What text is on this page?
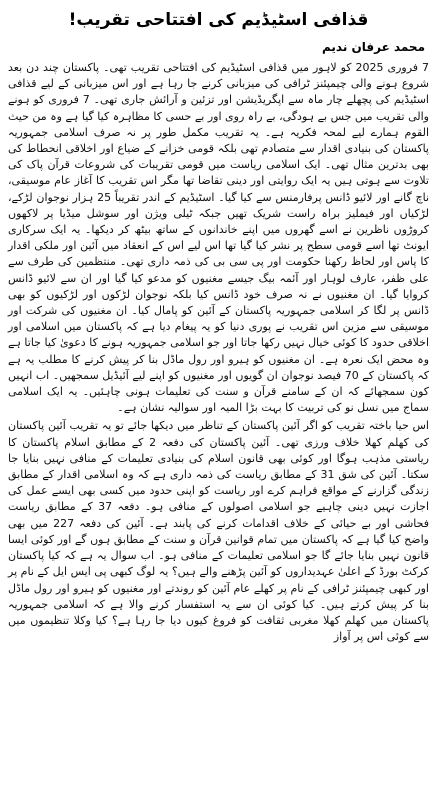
قذافی اسٹیڈیم کی افتتاحی تقریب!
محمد عرفان ندیم

7 فروری 2025 کو لاہور میں قذافی اسٹیڈیم کی افتتاحی تقریب تھی۔ پاکستان چند دن بعد شروع ہونے والی چیمپئنز ٹرافی کی میزبانی کرنے جا رہا ہے اور اس میزبانی کے لیے قذافی اسٹیڈیم کی پچھلے چار ماہ سے اپگریڈیشن اور تزئین و آرائش جاری تھی۔ 7 فروری کو ہونے والی تقریب میں جس بے ہودگی، بے راہ روی اور بے حسی کا مظاہرہ کیا گیا ہے وہ من حیث القوم ہمارے لیے لمحہ فکریہ ہے۔ یہ تقریب مکمل طور پر نہ صرف اسلامی جمہوریہ پاکستان کی بنیادی اقدار سے متصادم تھی بلکہ قومی خزانے کے ضیاع اور اخلاقی انحطاط کی بھی بدترین مثال تھی۔ ایک اسلامی ریاست میں قومی تقریبات کی شروعات قرآن پاک کی تلاوت سے ہوتی ہیں یہ ایک روایتی اور دینی تقاضا تھا مگر اس تقریب کا آغاز عام موسیقی، ناچ گانے اور لائیو ڈانس پرفارمنس سے کیا گیا۔ اسٹیڈیم کے اندر تقریباً 25 ہزار نوجوان لڑکے، لڑکیاں اور فیملیز براہ راست شریک تھیں جبکہ ٹیلی ویژن اور سوشل میڈیا پر لاکھوں کروڑوں ناظرین نے اسے گھروں میں اپنے خاندانوں کے ساتھ بیٹھ کر دیکھا۔ یہ ایک سرکاری ایونٹ تھا اسے قومی سطح پر نشر کیا گیا تھا اس لیے اس کے انعقاد میں آئین اور ملکی اقدار کا پاس اور لحاظ رکھنا حکومت اور پی سی بی کی ذمہ داری تھی۔ منتظمین کی طرف سے علی ظفر، عارف لوہار اور آئمہ بیگ جیسے مغنیوں کو مدعو کیا گیا اور ان سے لائیو ڈانس کروایا گیا۔ ان مغنیوں نے نہ صرف خود ڈانس کیا بلکہ نوجوان لڑکوں اور لڑکیوں کو بھی ڈانس پر لگا کر اسلامی جمہوریہ پاکستان کے آئین کو پامال کیا۔ ان مغنیوں کی شرکت اور موسیقی سے مزین اس تقریب نے پوری دنیا کو یہ پیغام دیا ہے کہ پاکستان میں اسلامی اور اخلاقی حدود کا کوئی خیال نہیں رکھا جاتا اور جو اسلامی جمہوریہ ہونے کا دعویٰ کیا جاتا ہے وہ محض ایک نعرہ ہے۔ ان مغنیوں کو ہیرو اور رول ماڈل بنا کر پیش کرنے کا مطلب یہ ہے کہ پاکستان کے 70 فیصد نوجوان ان گویوں اور مغنیوں کو اپنے لیے آئیڈیل سمجھیں۔ اب انہیں کون سمجھائے کہ ان کے سامنے قرآن و سنت کی تعلیمات ہونی چاہئیں۔ یہ ایک اسلامی سماج میں نسل نو کی تربیت کا بہت بڑا المیہ اور سوالیہ نشان ہے۔

اس حیا باختہ تقریب کو اگر آئین پاکستان کے تناظر میں دیکھا جائے تو یہ تقریب آئین پاکستان کی کھلم کھلا خلاف ورزی تھی۔ آئین پاکستان کی دفعہ 2 کے مطابق اسلام پاکستان کا ریاستی مذہب ہوگا اور کوئی بھی قانون اسلام کی بنیادی تعلیمات کے منافی نہیں بنایا جا سکتا۔ آئین کی شق 31 کے مطابق ریاست کی ذمہ داری ہے کہ وہ اسلامی اقدار کے مطابق زندگی گزارنے کے مواقع فراہم کرے اور ریاست کو اپنی حدود میں کسی بھی ایسے عمل کی اجازت نہیں دینی چاہیے جو اسلامی اصولوں کے منافی ہو۔ دفعہ 37 کے مطابق ریاست فحاشی اور بے حیائی کے خلاف اقدامات کرنے کی پابند ہے۔ آئین کی دفعہ 227 میں بھی واضح کیا گیا ہے کہ پاکستان میں تمام قوانین قرآن و سنت کے مطابق ہوں گے اور کوئی ایسا قانون نہیں بنایا جائے گا جو اسلامی تعلیمات کے منافی ہو۔ اب سوال یہ ہے کہ کیا پاکستان کرکٹ بورڈ کے اعلیٰ عہدیداروں کو آئین پڑھنے والے ہیں؟ یہ لوگ کبھی پی ایس ایل کے نام پر اور کبھی چیمپئنز ٹرافی کے نام پر کھلے عام آئین کو روندتے اور مغنیوں کو ہیرو اور رول ماڈل بنا کر پیش کرتے ہیں۔ کیا کوئی ان سے یہ استفسار کرنے والا ہے کہ اسلامی جمہوریہ پاکستان میں کھلم کھلا مغربی ثقافت کو فروغ کیوں دیا جا رہا ہے؟ کیا وکلا تنظیموں میں سے کوئی اس پر آواز
